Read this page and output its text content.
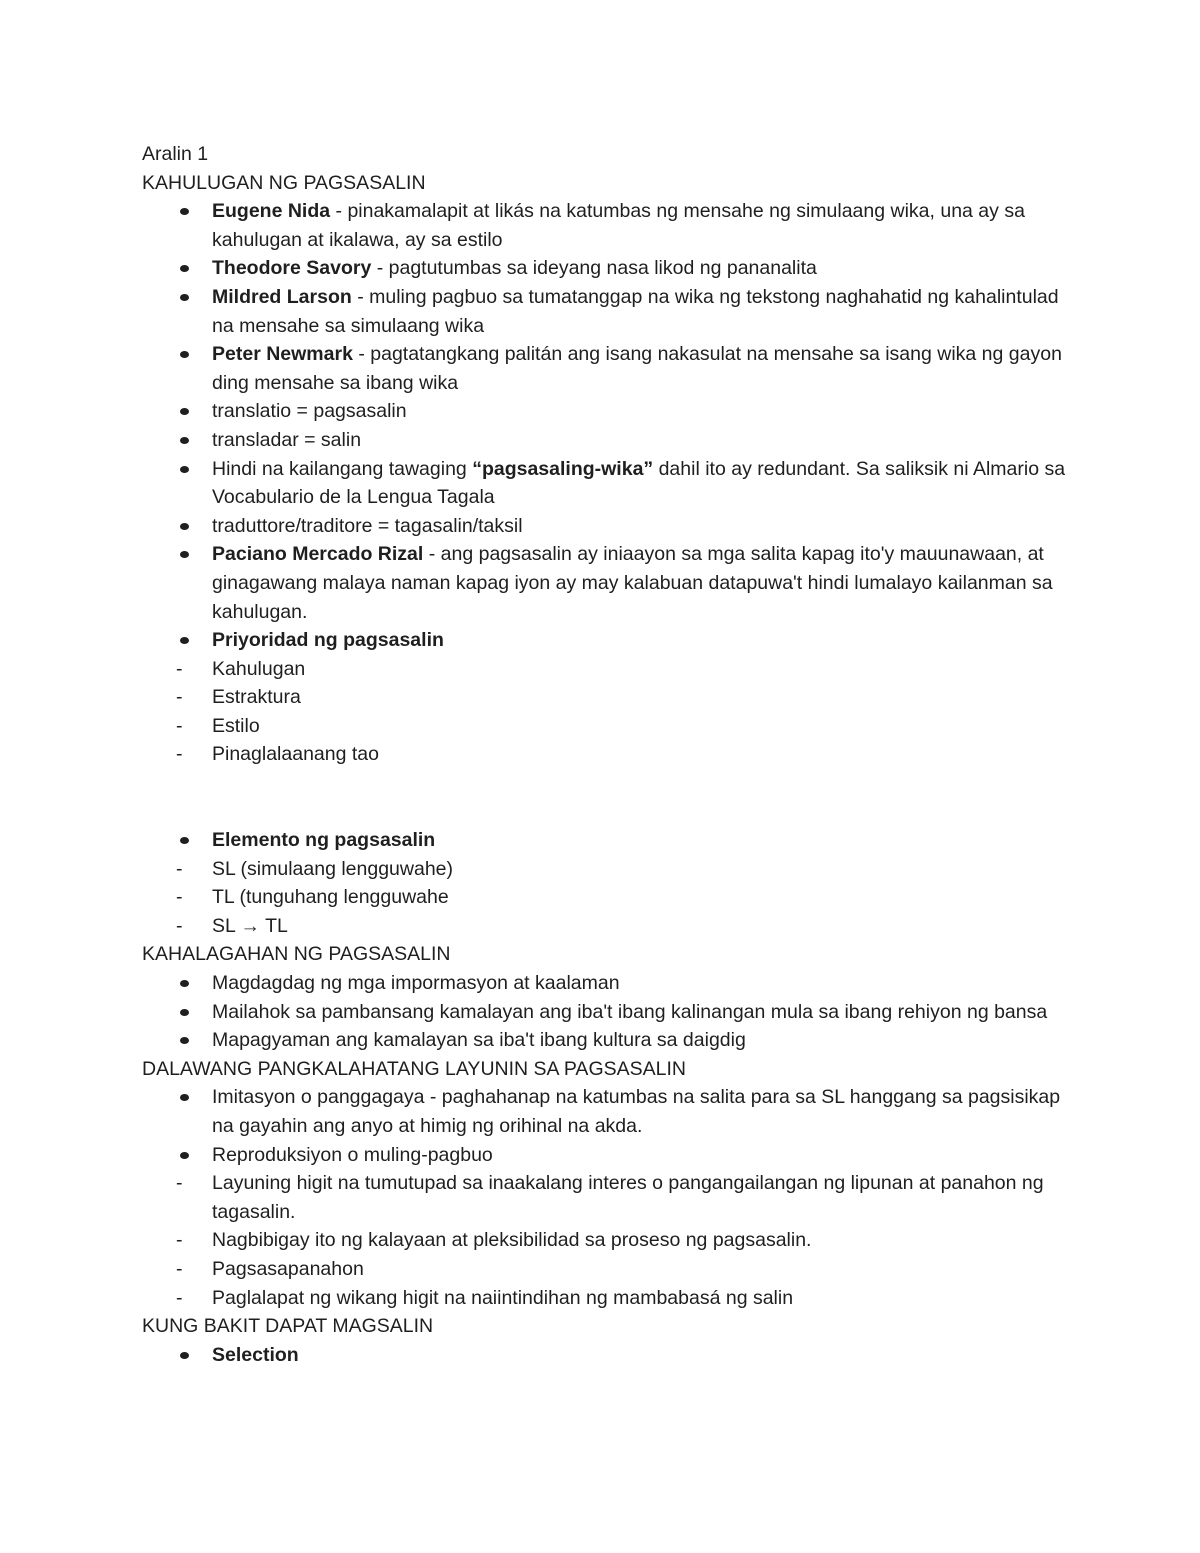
Aralin 1

KAHULUGAN NG PAGSASALIN

Eugene Nida - pinakamalapit at likás na katumbas ng mensahe ng simulaang wika, una ay sa kahulugan at ikalawa, ay sa estilo
Theodore Savory - pagtutumbas sa ideyang nasa likod ng pananalita
Mildred Larson - muling pagbuo sa tumatanggap na wika ng tekstong naghahatid ng kahalintulad na mensahe sa simulaang wika
Peter Newmark - pagtatangkang palitán ang isang nakasulat na mensahe sa isang wika ng gayon ding mensahe sa ibang wika
translatio = pagsasalin
transladar = salin
Hindi na kailangang tawaging “pagsasaling-wika” dahil ito ay redundant. Sa saliksik ni Almario sa Vocabulario de la Lengua Tagala
traduttore/traditore = tagasalin/taksil
Paciano Mercado Rizal - ang pagsasalin ay iniaayon sa mga salita kapag ito'y mauunawaan, at ginagawang malaya naman kapag iyon ay may kalabuan datapuwa't hindi lumalayo kailanman sa kahulugan.
Priyoridad ng pagsasalin
- Kahulugan
- Estraktura
- Estilo
- Pinaglalaanang tao
Elemento ng pagsasalin
- SL (simulaang lengguwahe)
- TL (tunguhang lengguwahe
- SL → TL

KAHALAGAHAN NG PAGSASALIN

Magdagdag ng mga impormasyon at kaalaman
Mailahok sa pambansang kamalayan ang iba't ibang kalinangan mula sa ibang rehiyon ng bansa
Mapagyaman ang kamalayan sa iba't ibang kultura sa daigdig

DALAWANG PANGKALAHATANG LAYUNIN SA PAGSASALIN

Imitasyon o panggagaya - paghahanap na katumbas na salita para sa SL hanggang sa pagsisikap na gayahin ang anyo at himig ng orihinal na akda.
Reproduksiyon o muling-pagbuo
- Layuning higit na tumutupad sa inaakalang interes o pangangailangan ng lipunan at panahon ng tagasalin.
- Nagbibigay ito ng kalayaan at pleksibilidad sa proseso ng pagsasalin.
- Pagsasapanahon
- Paglalapat ng wikang higit na naiintindihan ng mambabasá ng salin

KUNG BAKIT DAPAT MAGSALIN

Selection
